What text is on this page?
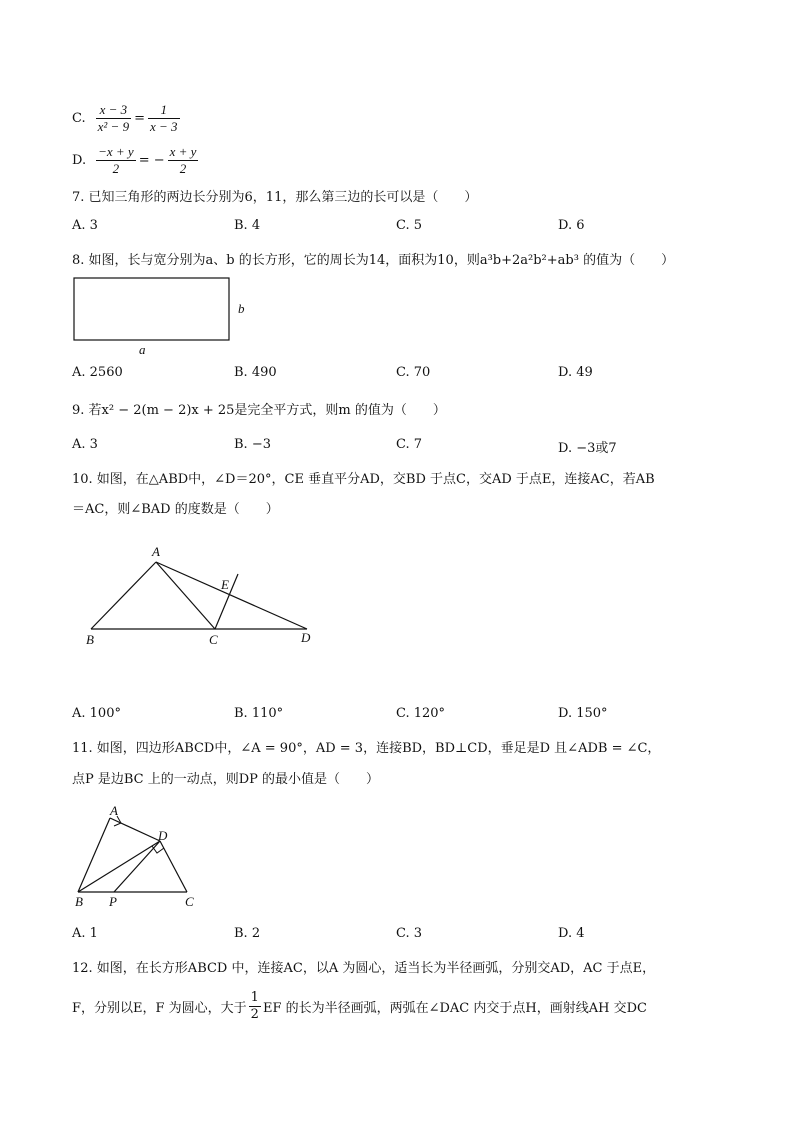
C. $\frac{x - 3}{\text{x² − 9}} = \frac{1}{x - 3}$
D. $\frac{-x + y}{2}$ = − $\frac{x + y}{2}$
7. 已知三角形的两边长分别为6，11，那么第三边的长可以是（　　）
A. 3	B. 4	C. 5	D. 6
8. 如图，长与宽分别为a、b 的长方形，它的周长为14，面积为10，则a³b+2a²b²+ab³ 的值为（　　）
b
a
A. 2560	B. 490	C. 70	D. 49
9. 若x² − 2(m − 2)x + 25是完全平方式，则m 的值为（　　）
A. 3	B. −3	C. 7	D. −3或7
10. 如图，在△ABD中，∠D＝20°，CE 垂直平分AD，交BD 于点C，交AD 于点E，连接AC，若AB
＝AC，则∠BAD 的度数是（　　）
A
B	C	D
E
A. 100°	B. 110°	C. 120°	D. 150°
11. 如图，四边形ABCD中，∠A = 90°，AD = 3，连接BD，BD⊥CD，垂足是D 且∠ADB = ∠C，
点P 是边BC 上的一动点，则DP 的最小值是（　　）
A
B P	C
D
A. 1	B. 2	C. 3	D. 4
12. 如图，在长方形ABCD 中，连接AC，以A 为圆心，适当长为半径画弧，分别交AD，AC 于点E，
F，分别以E，F 为圆心，大于 $\frac{1}{2}$ EF 的长为半径画弧，两弧在∠DAC 内交于点H，画射线AH 交DC
